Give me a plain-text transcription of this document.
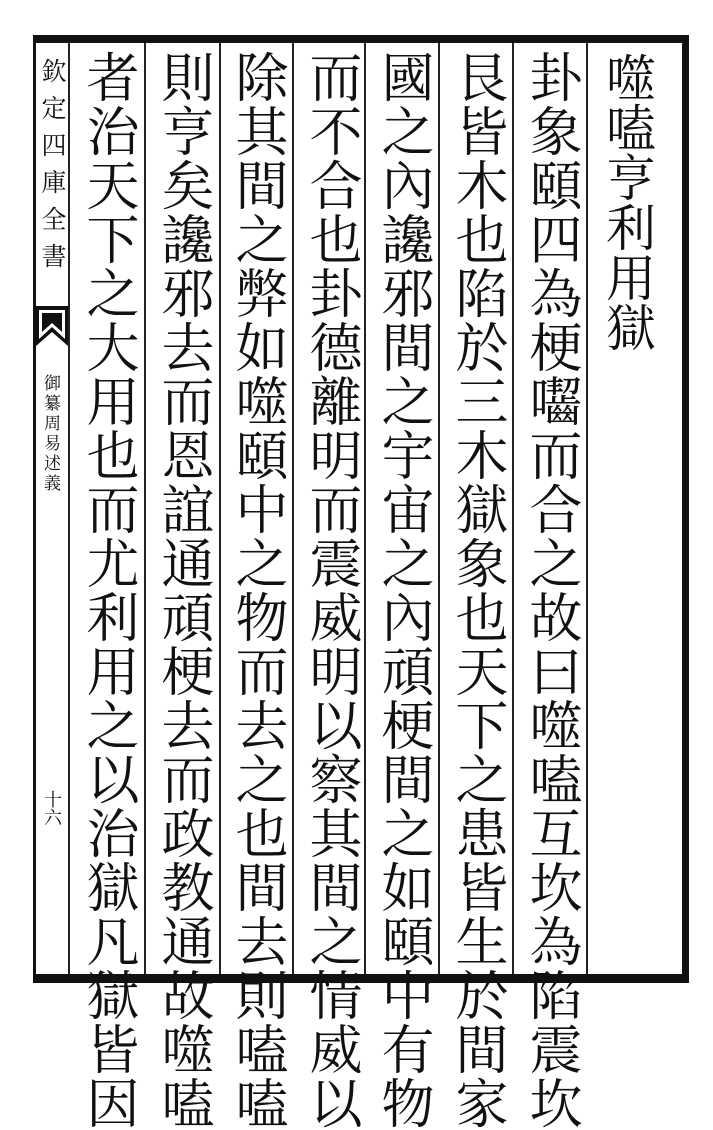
欽定四庫全書
御纂周易述義
十六
噬嗑亨利用獄
卦象頤四為梗囓而合之故曰噬嗑互坎為陷震坎
艮皆木也陷於三木獄象也天下之患皆生於間家
國之內讒邪間之宇宙之內頑梗間之如頤中有物
而不合也卦德離明而震威明以察其間之情威以
除其間之弊如噬頤中之物而去之也間去則嗑嗑
則亨矣讒邪去而恩誼通頑梗去而政教通故噬嗑
者治天下之大用也而尤利用之以治獄凡獄皆因
